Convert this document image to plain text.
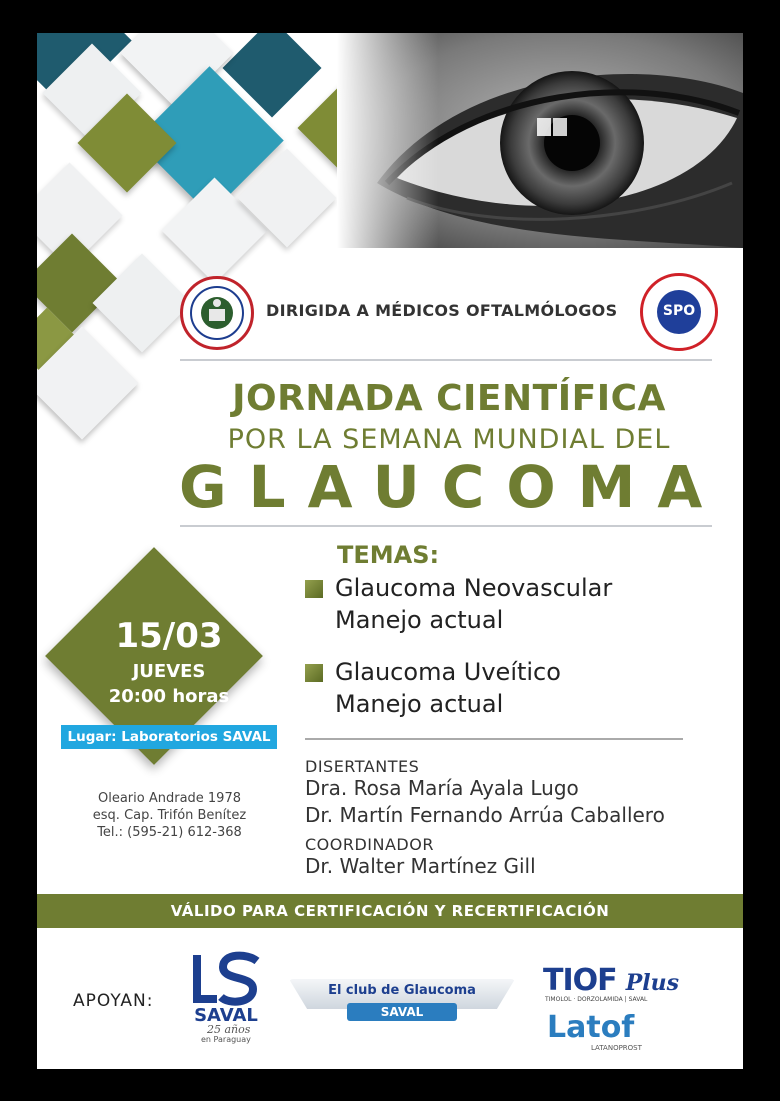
DIRIGIDA A MÉDICOS OFTALMÓLOGOS	SPO
JORNADA CIENTÍFICA
POR LA SEMANA MUNDIAL DEL
GLAUCOMA
15/03
JUEVES
20:00 horas
Lugar: Laboratorios SAVAL
Oleario Andrade 1978
esq. Cap. Trifón Benítez
Tel.: (595-21) 612-368
TEMAS:
Glaucoma Neovascular
Manejo actual
Glaucoma Uveítico
Manejo actual
DISERTANTES
Dra. Rosa María Ayala Lugo
Dr. Martín Fernando Arrúa Caballero
COORDINADOR
Dr. Walter Martínez Gill
VÁLIDO PARA CERTIFICACIÓN Y RECERTIFICACIÓN
APOYAN:
SAVAL
25 años
en Paraguay
El club de Glaucoma
SAVAL
TIOF Plus
TIMOLOL · DORZOLAMIDA | SAVAL
Latof
LATANOPROST
